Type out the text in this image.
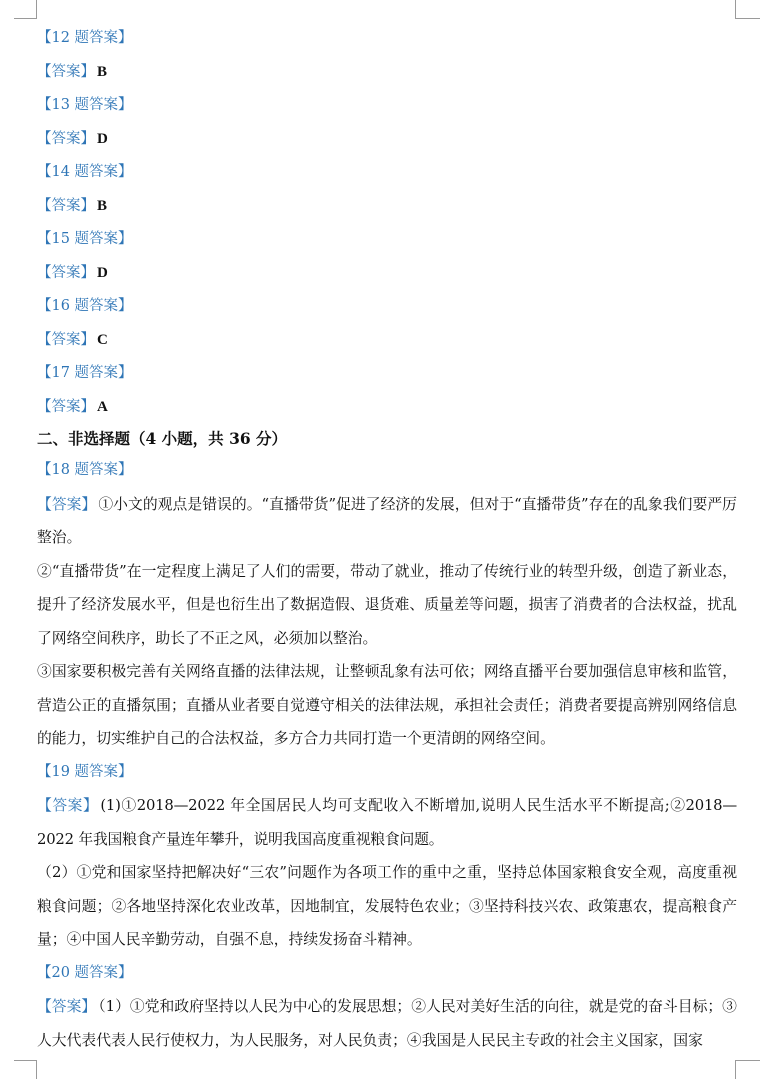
【12 题答案】
【答案】 B
【13 题答案】
【答案】 D
【14 题答案】
【答案】 B
【15 题答案】
【答案】 D
【16 题答案】
【答案】 C
【17 题答案】
【答案】 A
二、非选择题（4 小题，共 36 分）
【18 题答案】
【答案】 ①小文的观点是错误的。“直播带货”促进了经济的发展，但对于“直播带货”存在的乱象我们要严厉整治。
②“直播带货”在一定程度上满足了人们的需要，带动了就业，推动了传统行业的转型升级，创造了新业态，提升了经济发展水平，但是也衍生出了数据造假、退货难、质量差等问题，损害了消费者的合法权益，扰乱了网络空间秩序，助长了不正之风，必须加以整治。
③国家要积极完善有关网络直播的法律法规，让整顿乱象有法可依；网络直播平台要加强信息审核和监管，营造公正的直播氛围；直播从业者要自觉遵守相关的法律法规，承担社会责任；消费者要提高辨别网络信息的能力，切实维护自己的合法权益，多方合力共同打造一个更清朗的网络空间。
【19 题答案】
【答案】 (1)①2018—2022 年全国居民人均可支配收入不断增加,说明人民生活水平不断提高;②2018—2022 年我国粮食产量连年攀升，说明我国高度重视粮食问题。
（2）①党和国家坚持把解决好“三农”问题作为各项工作的重中之重，坚持总体国家粮食安全观，高度重视粮食问题；②各地坚持深化农业改革，因地制宜，发展特色农业；③坚持科技兴农、政策惠农，提高粮食产量；④中国人民辛勤劳动，自强不息，持续发扬奋斗精神。
【20 题答案】
【答案】 （1）①党和政府坚持以人民为中心的发展思想；②人民对美好生活的向往，就是党的奋斗目标；③人大代表代表人民行使权力，为人民服务，对人民负责；④我国是人民民主专政的社会主义国家，国家
